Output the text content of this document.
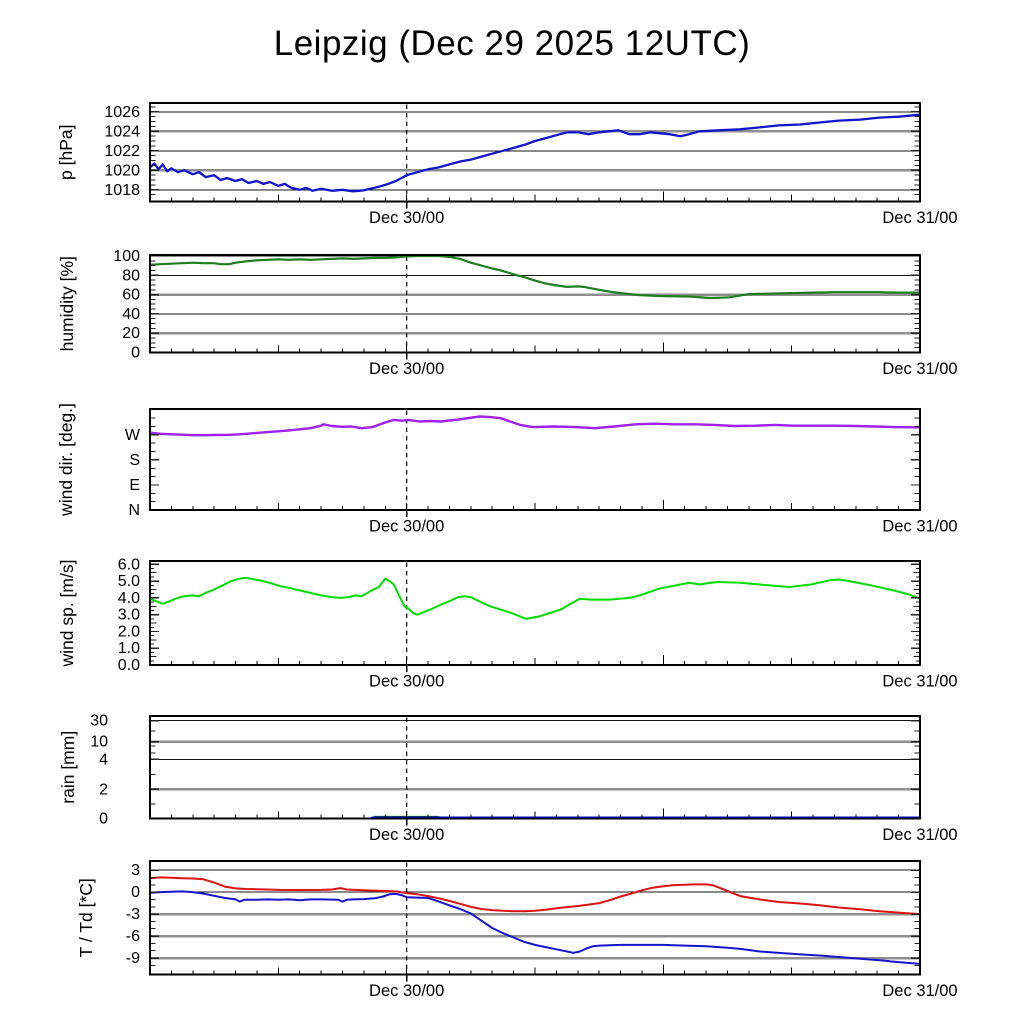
Leipzig (Dec 29 2025 12UTC)
1018
1020
1022
1024
1026
Dec 30/00	Dec 31/00
p [hPa]
0
20
40
60
80
100
Dec 30/00	Dec 31/00
humidity [%]
N
E
S
W
Dec 30/00	Dec 31/00
wind dir. [deg.]
0.0
1.0
2.0
3.0
4.0
5.0
6.0
Dec 30/00	Dec 31/00
wind sp. [m/s]
0
2
4
10
30
Dec 30/00	Dec 31/00
rain [mm]
3
0
-3
-6
-9
Dec 30/00	Dec 31/00
T / Td [*C]
